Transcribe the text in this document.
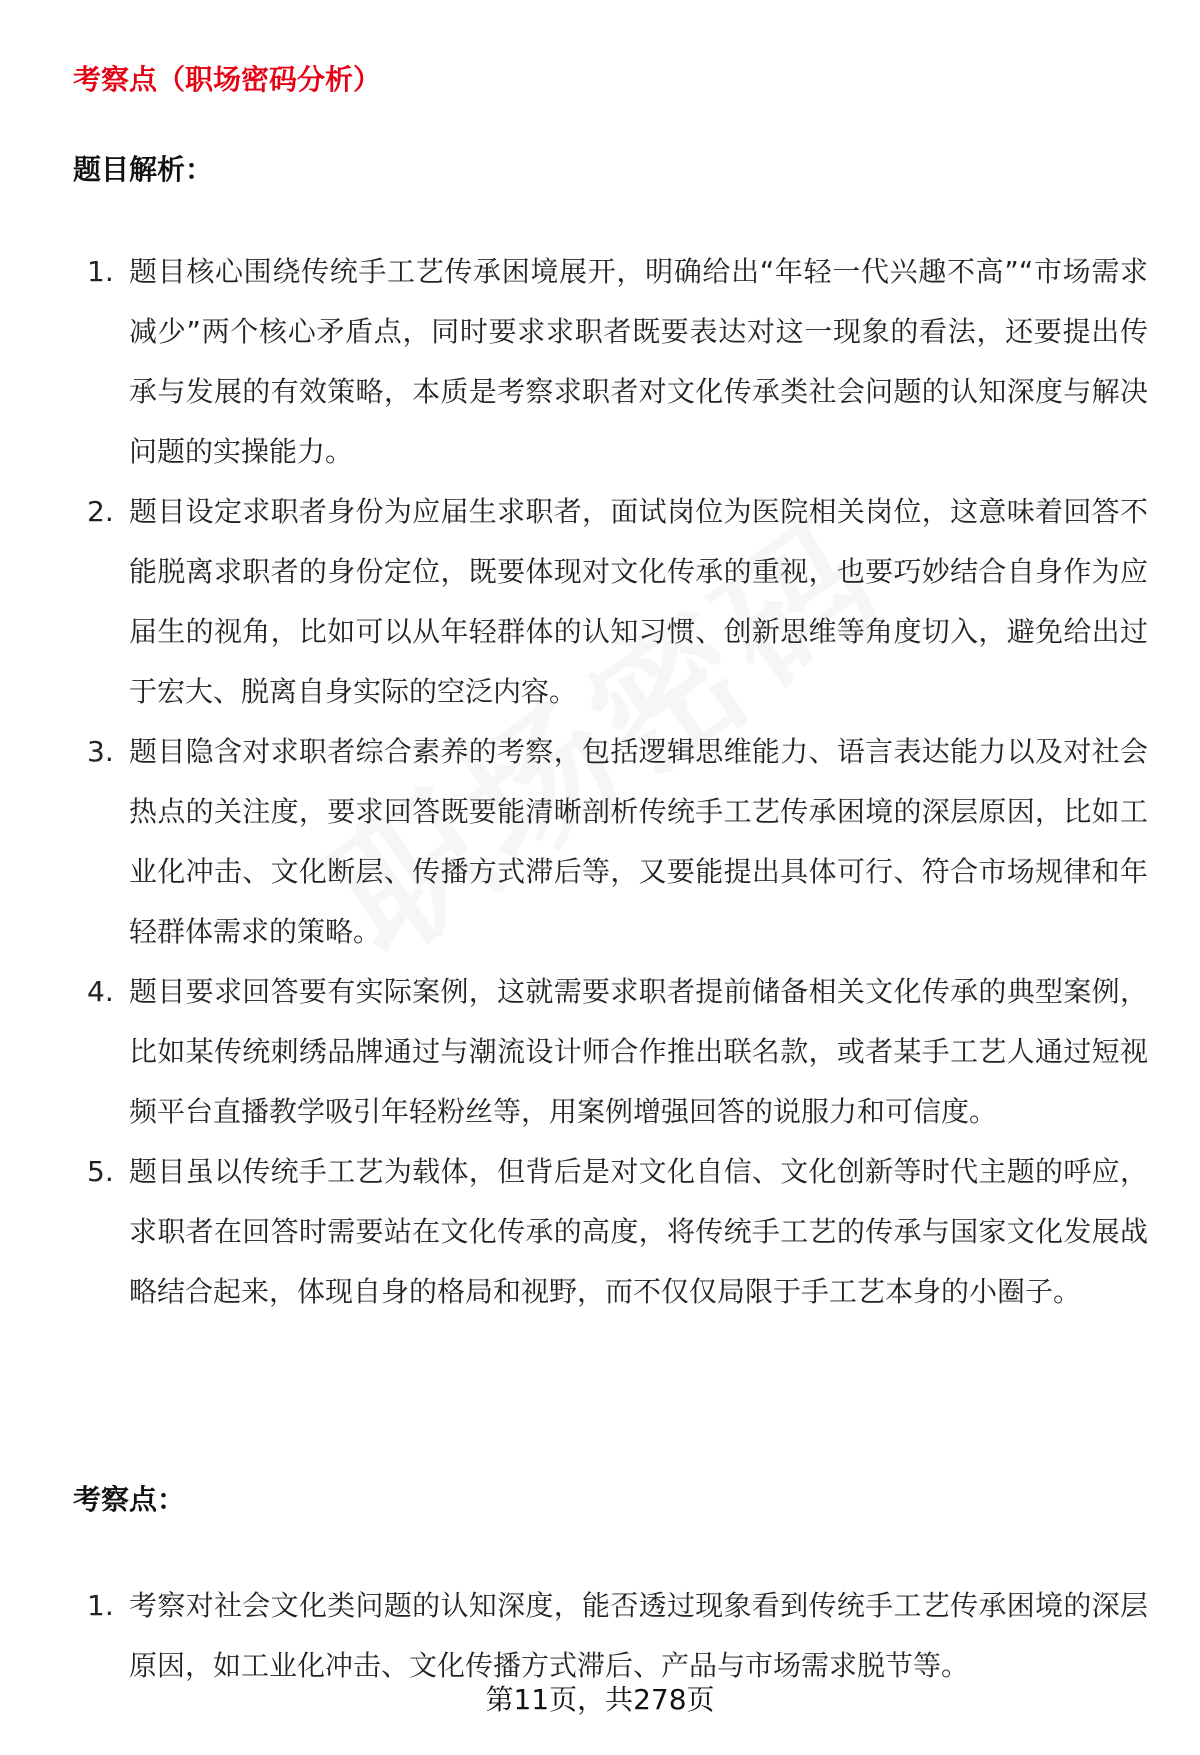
考察点（职场密码分析）
题目解析：
1. 题目核心围绕传统手工艺传承困境展开，明确给出“年轻一代兴趣不高”“市场需求减少”两个核心矛盾点，同时要求求职者既要表达对这一现象的看法，还要提出传承与发展的有效策略，本质是考察求职者对文化传承类社会问题的认知深度与解决问题的实操能力。
2. 题目设定求职者身份为应届生求职者，面试岗位为医院相关岗位，这意味着回答不能脱离求职者的身份定位，既要体现对文化传承的重视，也要巧妙结合自身作为应届生的视角，比如可以从年轻群体的认知习惯、创新思维等角度切入，避免给出过于宏大、脱离自身实际的空泛内容。
3. 题目隐含对求职者综合素养的考察，包括逻辑思维能力、语言表达能力以及对社会热点的关注度，要求回答既要能清晰剖析传统手工艺传承困境的深层原因，比如工业化冲击、文化断层、传播方式滞后等，又要能提出具体可行、符合市场规律和年轻群体需求的策略。
4. 题目要求回答要有实际案例，这就需要求职者提前储备相关文化传承的典型案例，比如某传统刺绣品牌通过与潮流设计师合作推出联名款，或者某手工艺人通过短视频平台直播教学吸引年轻粉丝等，用案例增强回答的说服力和可信度。
5. 题目虽以传统手工艺为载体，但背后是对文化自信、文化创新等时代主题的呼应，求职者在回答时需要站在文化传承的高度，将传统手工艺的传承与国家文化发展战略结合起来，体现自身的格局和视野，而不仅仅局限于手工艺本身的小圈子。
考察点：
1. 考察对社会文化类问题的认知深度，能否透过现象看到传统手工艺传承困境的深层原因，如工业化冲击、文化传播方式滞后、产品与市场需求脱节等。
第11页，共278页
